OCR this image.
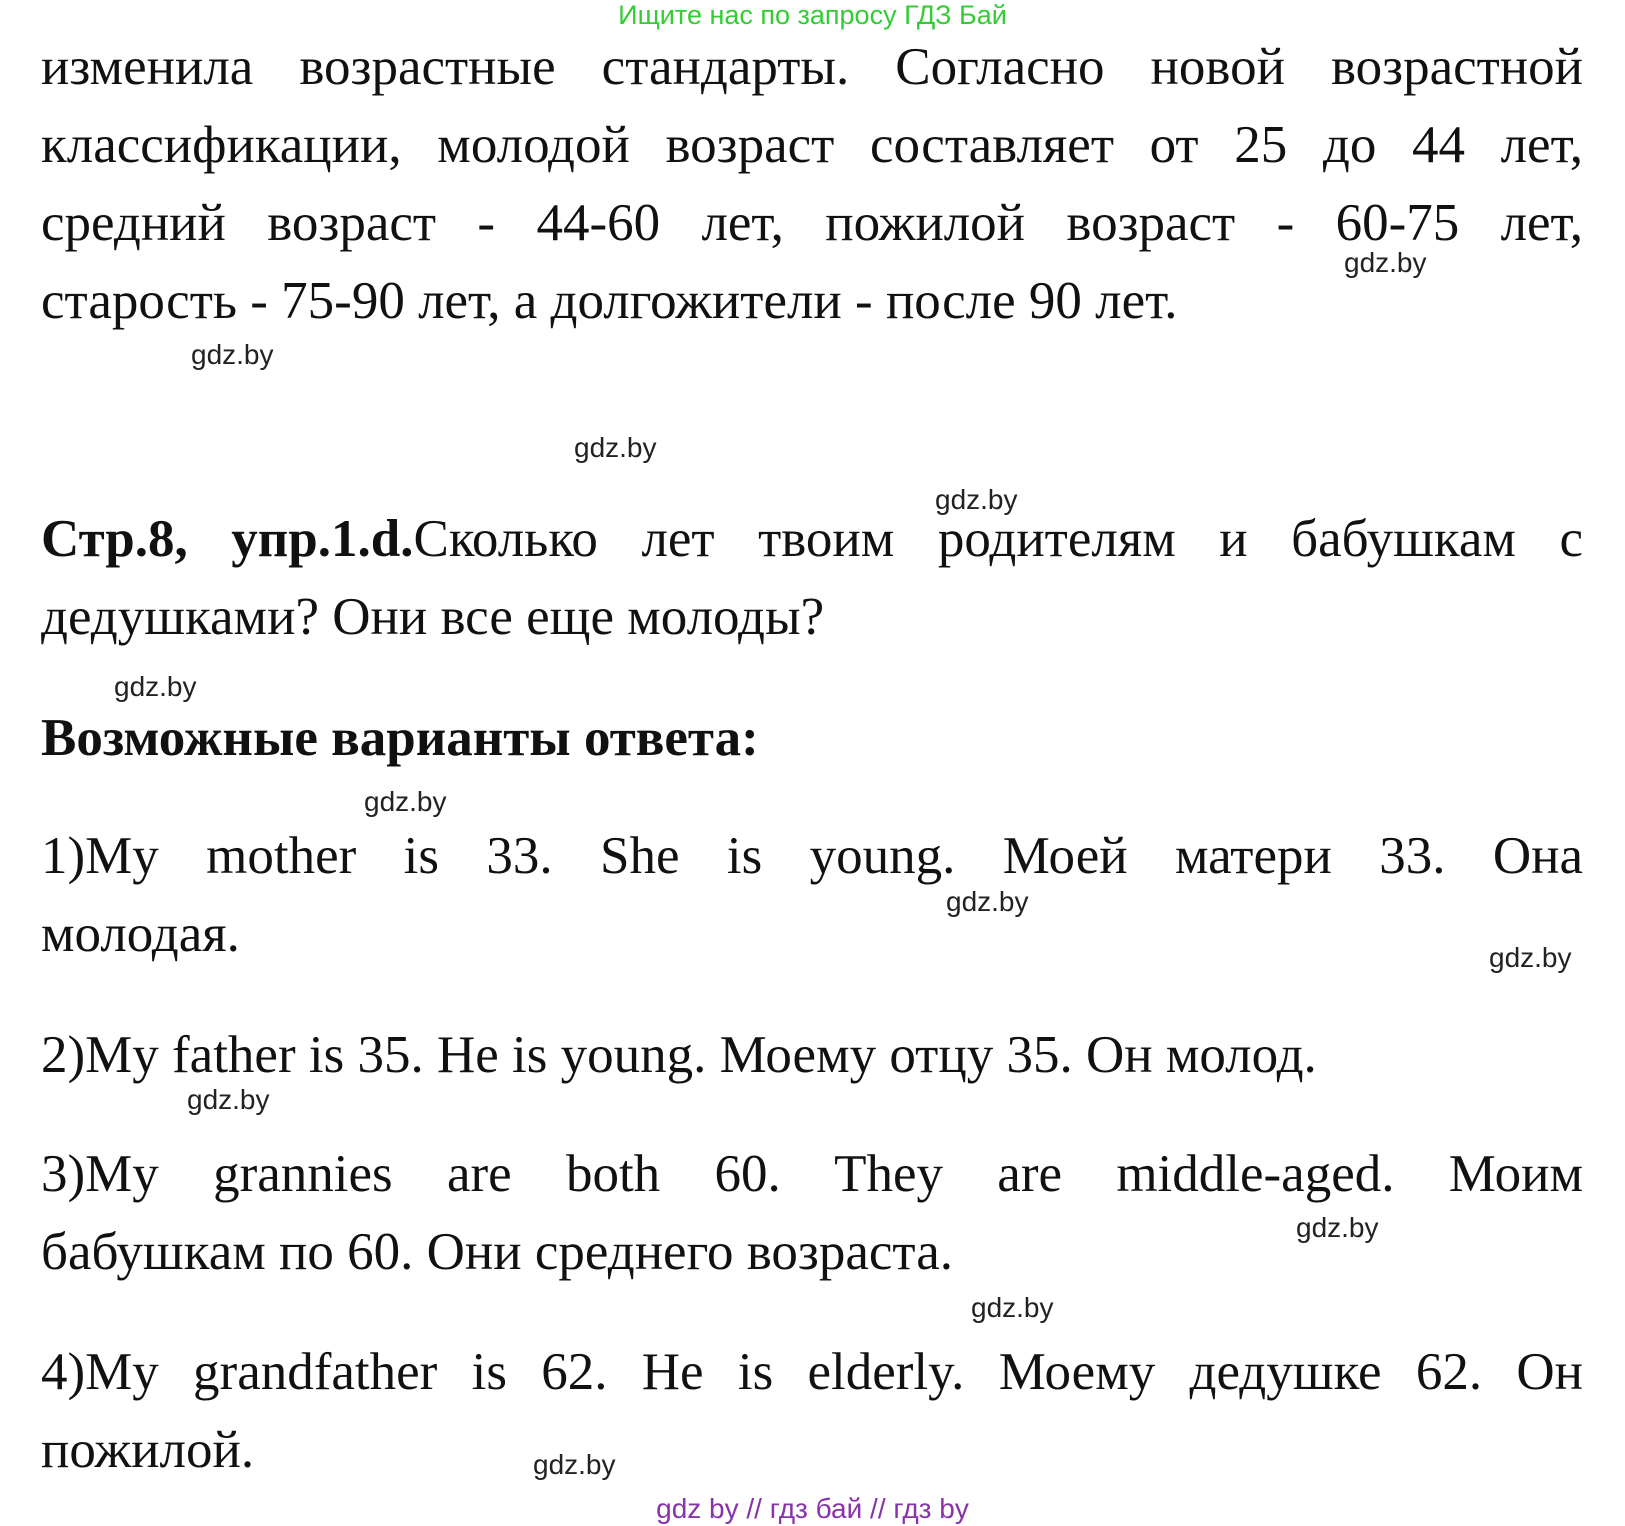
Ищите нас по запросу ГДЗ Бай
изменила возрастные стандарты. Согласно новой возрастной
классификации, молодой возраст составляет от 25 до 44 лет,
средний возраст - 44-60 лет, пожилой возраст - 60-75 лет,
старость - 75-90 лет, а долгожители - после 90 лет.
Стр.8, упр.1.d.Сколько лет твоим родителям и бабушкам с
дедушками? Они все еще молоды?
Возможные варианты ответа:
1)My mother is 33. She is young. Моей матери 33. Она
молодая.
2)My father is 35. He is young. Моему отцу 35. Он молод.
3)My grannies are both 60. They are middle-aged. Моим
бабушкам по 60. Они среднего возраста.
4)My grandfather is 62. He is elderly. Моему дедушке 62. Он
пожилой.
gdz.by
gdz.by
gdz.by
gdz.by
gdz.by
gdz.by
gdz.by
gdz.by
gdz.by
gdz.by
gdz.by
gdz.by
gdz by // гдз бай // гдз by
